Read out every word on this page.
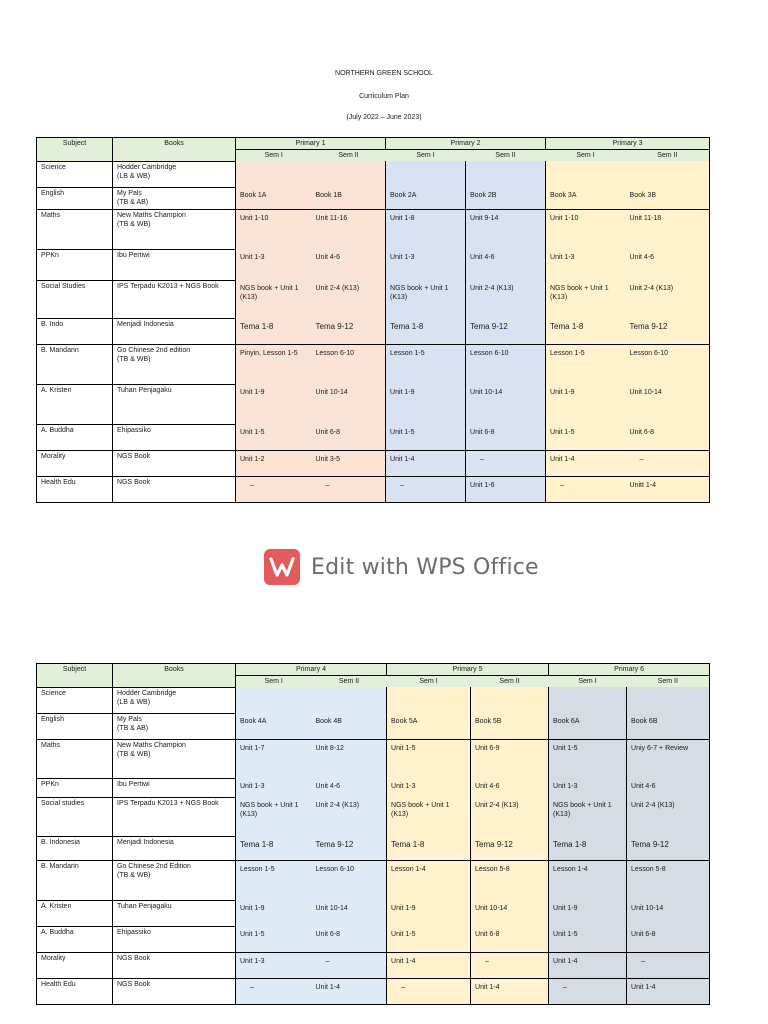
NORTHERN GREEN SCHOOL
Curriculum Plan
(July 2022 – June 2023)
Subject	Books	Primary 1		Primary 2		Primary 3	
		Sem I	Sem II	Sem I	Sem II	Sem I	Sem II
Science	Hodder Cambridge
(LB & WB)						

English	My Pals
(TB & AB)	Book 1A	Book 1B	Book 2A	Book 2B	Book 3A	Book 3B
Maths	New Maths Champion
(TB & WB)	Unit 1-10	Unit 11-16	Unit 1-8	Unit 9-14	Unit 1-10	Unit 11-18
PPKn	Ibu Pertiwi	Unit 1-3	Unit 4-6	Unit 1-3	Unit 4-6	Unit 1-3	Unit 4-6
Social Studies	IPS Terpadu K2013 + NGS Book	NGS book + Unit 1 (K13)	Unit 2-4 (K13)	NGS book + Unit 1 (K13)	Unit 2-4 (K13)	NGS book + Unit 1 (K13)	Unit 2-4 (K13)
B. Indo	Menjadi Indonesia	Tema 1-8	Tema 9-12	Tema 1-8	Tema 9-12	Tema 1-8	Tema 9-12
B. Mandarin	Go Chinese 2nd edition
(TB & WB)	Pinyin, Lesson 1-5	Lesson 6-10	Lesson 1-5	Lesson 6-10	Lesson 1-5	Lesson 6-10
A. Kristen	Tuhan Penjagaku	Unit 1-9	Unit 10-14	Unit 1-9	Unit 10-14	Unit 1-9	Unit 10-14
A. Buddha	Ehipassiko	Unit 1-5	Unit 6-8	Unit 1-5	Unit 6-8	Unit 1-5	Unit 6-8
Morality	NGS Book	Unit 1-2	Unit 3-5	Unit 1-4	–	Unit 1-4	–
Health Edu	NGS Book	–	–	–	Unit 1-6	–	Unitt 1-4
Edit with WPS Office
Subject	Books	Primary 4		Primary 5		Primary 6	
		Sem I	Sem II	Sem I	Sem II	Sem I	Sem II
Science	Hodder Cambridge
(LB & WB)						

English	My Pals
(TB & AB)	Book 4A	Book 4B	Book 5A	Book 5B	Book 6A	Book 6B
Maths	New Maths Champion
(TB & WB)	Unit 1-7	Unit 8-12	Unit 1-5	Unit 6-9	Unit 1-5	Uniy 6-7 + Review
PPKn	Ibu Pertiwi	Unit 1-3	Unit 4-6	Unit 1-3	Unit 4-6	Unit 1-3	Unit 4-6
Social studies	IPS Terpadu K2013 + NGS Book	NGS book + Unit 1 (K13)	Unit 2-4 (K13)	NGS book + Unit 1 (K13)	Unit 2-4 (K13)	NGS book + Unit 1 (K13)	Unit 2-4 (K13)
B. Indonesia	Menjadi Indonesia	Tema 1-8	Tema 9-12	Tema 1-8	Tema 9-12	Tema 1-8	Tema 9-12
B. Mandarin	Go Chinese 2nd Edition
(TB & WB)	Lesson 1-5	Lesson 6-10	Lesson 1-4	Lesson 5-8	Lesson 1-4	Lesson 5-8
A. Kristen	Tuhan Penjagaku	Unit 1-9	Unit 10-14	Unit 1-9	Unit 10-14	Unit 1-9	Unit 10-14
A. Buddha	Ehipassiko	Unit 1-5	Unit 6-8	Unit 1-5	Unit 6-8	Unit 1-5	Unit 6-8
Morality	NGS Book	Unit 1-3	–	Unit 1-4	–	Unit 1-4	–
Health Edu	NGS Book	–	Unit 1-4	–	Unit 1-4	–	Unit 1-4
